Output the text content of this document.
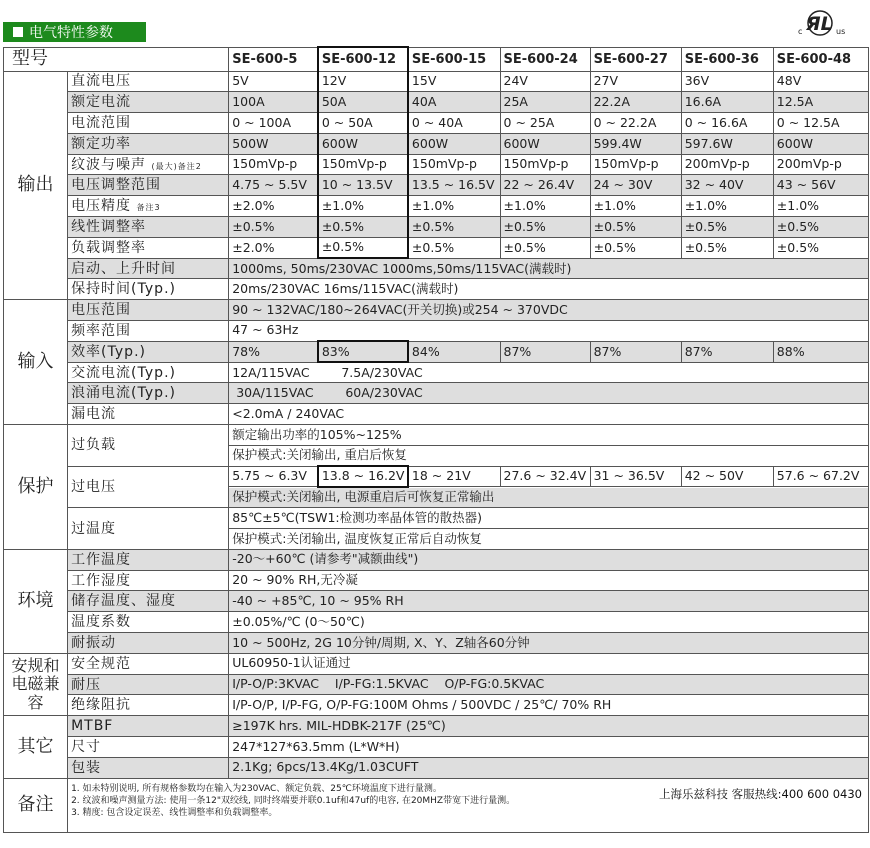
电气特性参数	c ЯL us
型号		SE-600-5	SE-600-12	SE-600-15	SE-600-24	SE-600-27	SE-600-36	SE-600-48
输出	直流电压	5V	12V	15V	24V	27V	36V	48V
	额定电流	100A	50A	40A	25A	22.2A	16.6A	12.5A
	电流范围	0 ~ 100A	0 ~ 50A	0 ~ 40A	0 ~ 25A	0 ~ 22.2A	0 ~ 16.6A	0 ~ 12.5A
	额定功率	500W	600W	600W	600W	599.4W	597.6W	600W
	纹波与噪声 (最大)备注2	150mVp-p	150mVp-p	150mVp-p	150mVp-p	150mVp-p	200mVp-p	200mVp-p
	电压调整范围	4.75 ~ 5.5V	10 ~ 13.5V	13.5 ~ 16.5V	22 ~ 26.4V	24 ~ 30V	32 ~ 40V	43 ~ 56V
	电压精度 备注3	±2.0%	±1.0%	±1.0%	±1.0%	±1.0%	±1.0%	±1.0%
	线性调整率	±0.5%	±0.5%	±0.5%	±0.5%	±0.5%	±0.5%	±0.5%
	负载调整率	±2.0%	±0.5%	±0.5%	±0.5%	±0.5%	±0.5%	±0.5%
	启动、上升时间	1000ms, 50ms/230VAC 1000ms,50ms/115VAC(满载时)						
	保持时间(Typ.)	20ms/230VAC 16ms/115VAC(满载时)						
输入	电压范围	90 ~ 132VAC/180~264VAC(开关切换)或254 ~ 370VDC						
	频率范围	47 ~ 63Hz						
	效率(Typ.)	78%	83%	84%	87%	87%	87%	88%
	交流电流(Typ.)	12A/115VAC        7.5A/230VAC						
	浪涌电流(Typ.)	30A/115VAC        60A/230VAC						
	漏电流	<2.0mA / 240VAC						
保护	过负载	额定输出功率的105%~125%						
		保护模式:关闭输出, 重启后恢复						
	过电压	5.75 ~ 6.3V	13.8 ~ 16.2V	18 ~ 21V	27.6 ~ 32.4V	31 ~ 36.5V	42 ~ 50V	57.6 ~ 67.2V
		保护模式:关闭输出, 电源重启后可恢复正常输出						
	过温度	85℃±5℃(TSW1:检测功率晶体管的散热器)						
		保护模式:关闭输出, 温度恢复正常后自动恢复						
环境	工作温度	-20～+60℃ (请参考"减额曲线")						
	工作湿度	20 ~ 90% RH,无冷凝						
	储存温度、湿度	-40 ~ +85℃, 10 ~ 95% RH						
	温度系数	±0.05%/℃ (0～50℃)						
	耐振动	10 ~ 500Hz, 2G 10分钟/周期, X、Y、Z轴各60分钟						
安规和电磁兼容	安全规范	UL60950-1认证通过						
	耐压	I/P-O/P:3KVAC    I/P-FG:1.5KVAC    O/P-FG:0.5KVAC						
	绝缘阻抗	I/P-O/P, I/P-FG, O/P-FG:100M Ohms / 500VDC / 25℃/ 70% RH						
其它	MTBF	≥197K hrs. MIL-HDBK-217F (25℃)						
	尺寸	247*127*63.5mm (L*W*H)						
	包装	2.1Kg; 6pcs/13.4Kg/1.03CUFT						
备注	1. 如未特别说明, 所有规格参数均在输入为230VAC、额定负载、25℃环境温度下进行量测。
2. 纹波和噪声测量方法: 使用一条12"双绞线, 同时终端要并联0.1uf和47uf的电容, 在20MHZ带宽下进行量测。
3. 精度: 包含设定误差、线性调整率和负载调整率。
上海乐兹科技 客服热线:400 600 0430							
